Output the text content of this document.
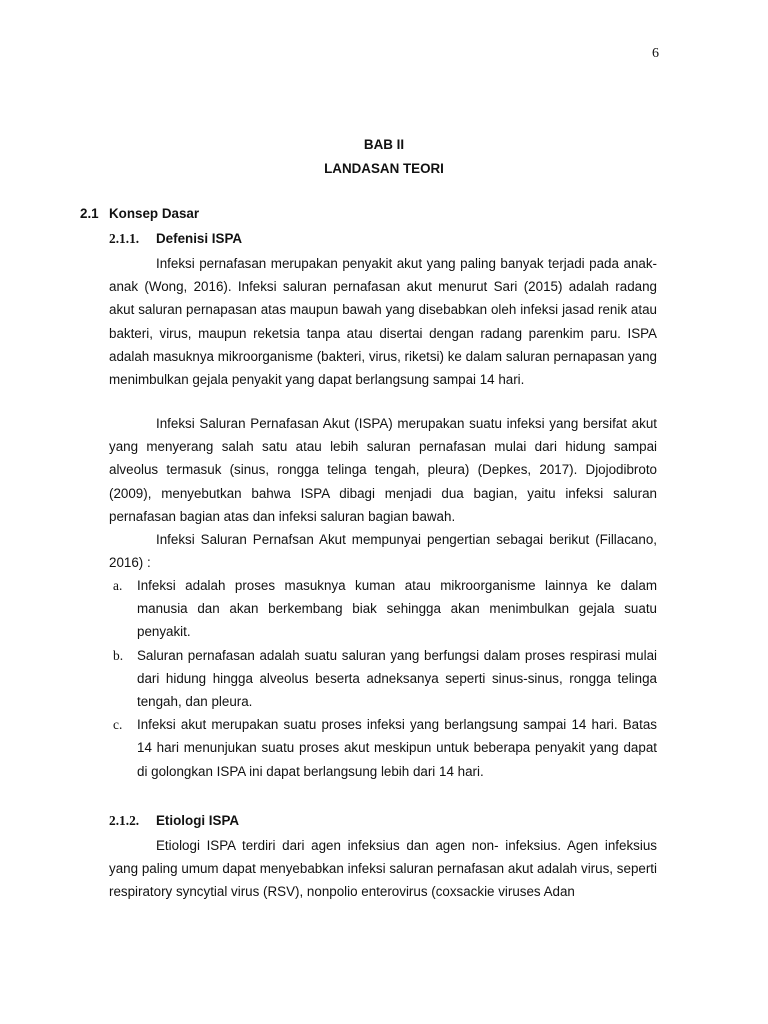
6
BAB II
LANDASAN TEORI
2.1 Konsep Dasar
2.1.1. Defenisi ISPA

Infeksi pernafasan merupakan penyakit akut yang paling banyak terjadi pada anak-anak (Wong, 2016). Infeksi saluran pernafasan akut menurut Sari (2015) adalah radang akut saluran pernapasan atas maupun bawah yang disebabkan oleh infeksi jasad renik atau bakteri, virus, maupun reketsia tanpa atau disertai dengan radang parenkim paru. ISPA adalah masuknya mikroorganisme (bakteri, virus, riketsi) ke dalam saluran pernapasan yang menimbulkan gejala penyakit yang dapat berlangsung sampai 14 hari.

Infeksi Saluran Pernafasan Akut (ISPA) merupakan suatu infeksi yang bersifat akut yang menyerang salah satu atau lebih saluran pernafasan mulai dari hidung sampai alveolus termasuk (sinus, rongga telinga tengah, pleura) (Depkes, 2017). Djojodibroto (2009), menyebutkan bahwa ISPA dibagi menjadi dua bagian, yaitu infeksi saluran pernafasan bagian atas dan infeksi saluran bagian bawah.

Infeksi Saluran Pernafsan Akut mempunyai pengertian sebagai berikut (Fillacano, 2016) :

a. Infeksi adalah proses masuknya kuman atau mikroorganisme lainnya ke dalam manusia dan akan berkembang biak sehingga akan menimbulkan gejala suatu penyakit.
b. Saluran pernafasan adalah suatu saluran yang berfungsi dalam proses respirasi mulai dari hidung hingga alveolus beserta adneksanya seperti sinus-sinus, rongga telinga tengah, dan pleura.
c. Infeksi akut merupakan suatu proses infeksi yang berlangsung sampai 14 hari. Batas 14 hari menunjukan suatu proses akut meskipun untuk beberapa penyakit yang dapat di golongkan ISPA ini dapat berlangsung lebih dari 14 hari.
2.1.2. Etiologi ISPA

Etiologi ISPA terdiri dari agen infeksius dan agen non- infeksius. Agen infeksius yang paling umum dapat menyebabkan infeksi saluran pernafasan akut adalah virus, seperti respiratory syncytial virus (RSV), nonpolio enterovirus (coxsackie viruses Adan
